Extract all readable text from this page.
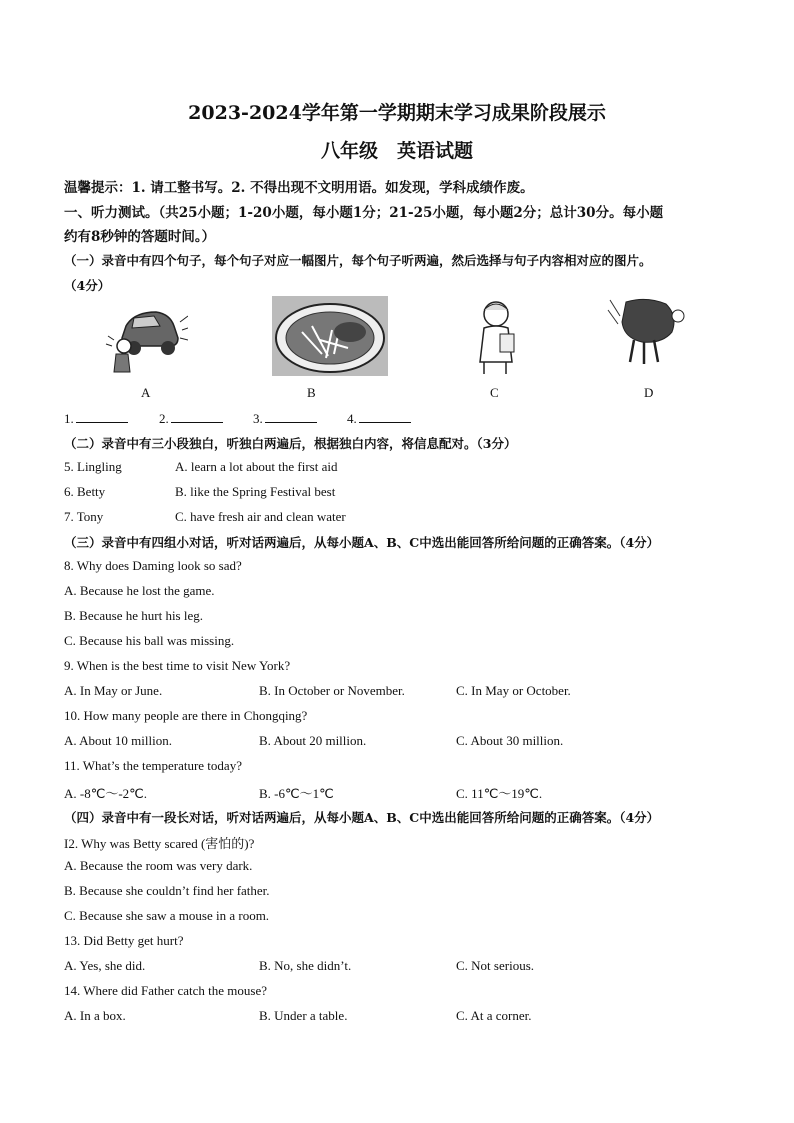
2023-2024学年第一学期期末学习成果阶段展示
八年级　英语试题
温馨提示：1. 请工整书写。2. 不得出现不文明用语。如发现，学科成绩作废。
一、听力测试。（共25小题；1-20小题，每小题1分；21-25小题，每小题2分；总计30分。每小题
约有8秒钟的答题时间。）
（一）录音中有四个句子，每个句子对应一幅图片，每个句子听两遍，然后选择与句子内容相对应的图片。
（4分）
A	B	C	D
1.	2.	3.	4.
（二）录音中有三小段独白，听独白两遍后，根据独白内容，将信息配对。（3分）
5. Lingling	A. learn a lot about the first aid
6. Betty	B. like the Spring Festival best
7. Tony	C. have fresh air and clean water
（三）录音中有四组小对话，听对话两遍后，从每小题A、B、C中选出能回答所给问题的正确答案。（4分）
8. Why does Daming look so sad?
A. Because he lost the game.
B. Because he hurt his leg.
C. Because his ball was missing.
9. When is the best time to visit New York?
A. In May or June.	B. In October or November.	C. In May or October.
10. How many people are there in Chongqing?
A. About 10 million.	B. About 20 million.	C. About 30 million.
11. What’s the temperature today?
A. -8℃～-2℃.	B. -6℃～1℃	C. 11℃～19℃.
（四）录音中有一段长对话，听对话两遍后，从每小题A、B、C中选出能回答所给问题的正确答案。（4分）
I2. Why was Betty scared (害怕的)?
A. Because the room was very dark.
B. Because she couldn’t find her father.
C. Because she saw a mouse in a room.
13. Did Betty get hurt?
A. Yes, she did.	B. No, she didn’t.	C. Not serious.
14. Where did Father catch the mouse?
A. In a box.	B. Under a table.	C. At a corner.
